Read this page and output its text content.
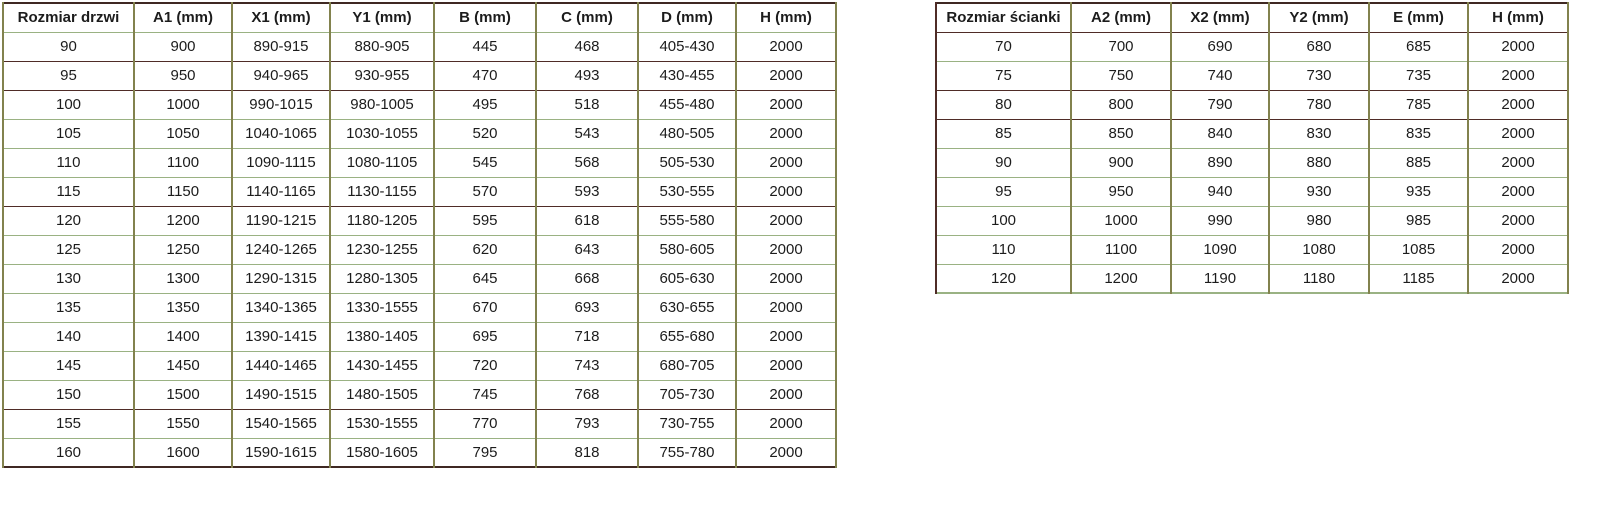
Rozmiar drzwi	A1 (mm)	X1 (mm)	Y1 (mm)	B (mm)	C (mm)	D (mm)	H (mm)
90	900	890-915	880-905	445	468	405-430	2000
95	950	940-965	930-955	470	493	430-455	2000
100	1000	990-1015	980-1005	495	518	455-480	2000
105	1050	1040-1065	1030-1055	520	543	480-505	2000
110	1100	1090-1115	1080-1105	545	568	505-530	2000
115	1150	1140-1165	1130-1155	570	593	530-555	2000
120	1200	1190-1215	1180-1205	595	618	555-580	2000
125	1250	1240-1265	1230-1255	620	643	580-605	2000
130	1300	1290-1315	1280-1305	645	668	605-630	2000
135	1350	1340-1365	1330-1555	670	693	630-655	2000
140	1400	1390-1415	1380-1405	695	718	655-680	2000
145	1450	1440-1465	1430-1455	720	743	680-705	2000
150	1500	1490-1515	1480-1505	745	768	705-730	2000
155	1550	1540-1565	1530-1555	770	793	730-755	2000
160	1600	1590-1615	1580-1605	795	818	755-780	2000
Rozmiar ścianki	A2 (mm)	X2 (mm)	Y2 (mm)	E (mm)	H (mm)
70	700	690	680	685	2000
75	750	740	730	735	2000
80	800	790	780	785	2000
85	850	840	830	835	2000
90	900	890	880	885	2000
95	950	940	930	935	2000
100	1000	990	980	985	2000
110	1100	1090	1080	1085	2000
120	1200	1190	1180	1185	2000
